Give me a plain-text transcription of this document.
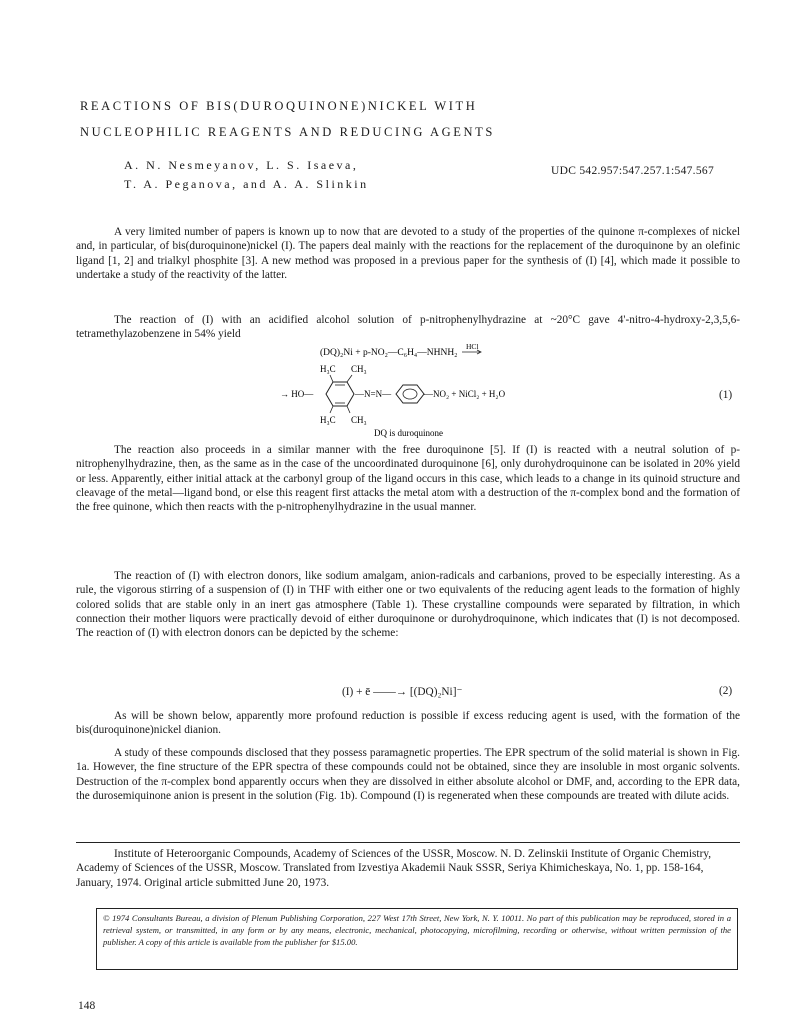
REACTIONS OF BIS(DUROQUINONE)NICKEL WITH
NUCLEOPHILIC REAGENTS AND REDUCING AGENTS
A. N. Nesmeyanov, L. S. Isaeva,
T. A. Peganova, and A. A. Slinkin
UDC 542.957:547.257.1:547.567

A very limited number of papers is known up to now that are devoted to a study of the properties of the quinone π-complexes of nickel and, in particular, of bis(duroquinone)nickel (I). The papers deal mainly with the reactions for the replacement of the duroquinone by an olefinic ligand [1, 2] and trialkyl phosphite [3]. A new method was proposed in a previous paper for the synthesis of (I) [4], which made it possible to undertake a study of the reactivity of the latter.

The reaction of (I) with an acidified alcohol solution of p-nitrophenylhydrazine at ~20°C gave 4'-nitro-4-hydroxy-2,3,5,6-tetramethylazobenzene in 54% yield

(DQ)₂Ni + p-NO₂—C₆H₄—NHNH₂
HCl
H₃C CH₃
→ HO—	—N=N—	—NO₂ + NiCl₂ + H₂O
H₃C CH₃
DQ is duroquinone
(1)

The reaction also proceeds in a similar manner with the free duroquinone [5]. If (I) is reacted with a neutral solution of p-nitrophenylhydrazine, then, as the same as in the case of the uncoordinated duroquinone [6], only durohydroquinone can be isolated in 20% yield or less. Apparently, either initial attack at the carbonyl group of the ligand occurs in this case, which leads to a change in its quinoid structure and cleavage of the metal—ligand bond, or else this reagent first attacks the metal atom with a destruction of the π-complex bond and the formation of the free quinone, which then reacts with the p-nitrophenylhydrazine in the usual manner.

The reaction of (I) with electron donors, like sodium amalgam, anion-radicals and carbanions, proved to be especially interesting. As a rule, the vigorous stirring of a suspension of (I) in THF with either one or two equivalents of the reducing agent leads to the formation of highly colored solids that are stable only in an inert gas atmosphere (Table 1). These crystalline compounds were separated by filtration, in which connection their mother liquors were practically devoid of either duroquinone or durohydroquinone, which indicates that (I) is not decomposed. The reaction of (I) with electron donors can be depicted by the scheme:

(I) + ē ——→ [(DQ)₂Ni]⁻	(2)

As will be shown below, apparently more profound reduction is possible if excess reducing agent is used, with the formation of the bis(duroquinone)nickel dianion.

A study of these compounds disclosed that they possess paramagnetic properties. The EPR spectrum of the solid material is shown in Fig. 1a. However, the fine structure of the EPR spectra of these compounds could not be obtained, since they are insoluble in most organic solvents. Destruction of the π-complex bond apparently occurs when they are dissolved in either absolute alcohol or DMF, and, according to the EPR data, the durosemiquinone anion is present in the solution (Fig. 1b). Compound (I) is regenerated when these compounds are treated with dilute acids.

Institute of Heteroorganic Compounds, Academy of Sciences of the USSR, Moscow. N. D. Zelinskii Institute of Organic Chemistry, Academy of Sciences of the USSR, Moscow. Translated from Izvestiya Akademii Nauk SSSR, Seriya Khimicheskaya, No. 1, pp. 158-164, January, 1974. Original article submitted June 20, 1973.
© 1974 Consultants Bureau, a division of Plenum Publishing Corporation, 227 West 17th Street, New York, N. Y. 10011. No part of this publication may be reproduced, stored in a retrieval system, or transmitted, in any form or by any means, electronic, mechanical, photocopying, microfilming, recording or otherwise, without written permission of the publisher. A copy of this article is available from the publisher for $15.00.
148
